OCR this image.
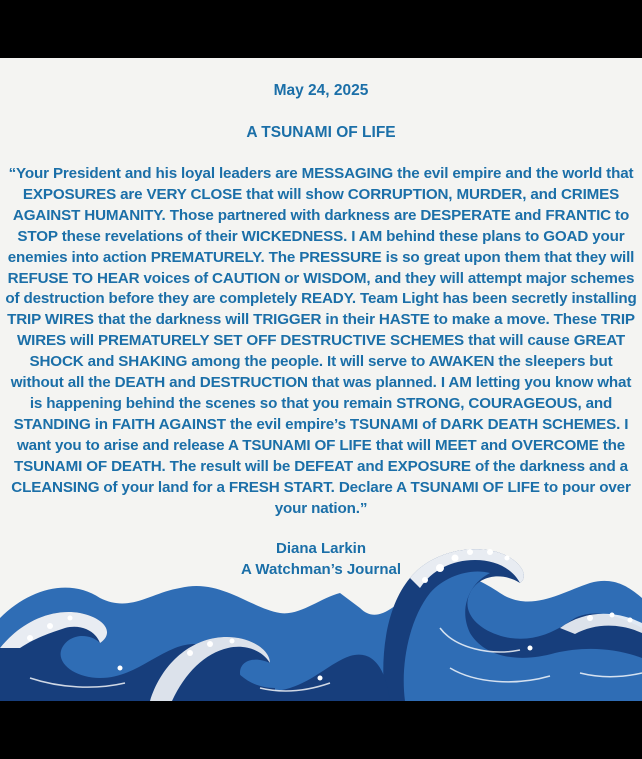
May 24, 2025
A TSUNAMI OF LIFE
“Your President and his loyal leaders are MESSAGING the evil empire and the world that EXPOSURES are VERY CLOSE that will show CORRUPTION, MURDER, and CRIMES AGAINST HUMANITY. Those partnered with darkness are DESPERATE and FRANTIC to STOP these revelations of their WICKEDNESS. I AM behind these plans to GOAD your enemies into action PREMATURELY. The PRESSURE is so great upon them that they will REFUSE TO HEAR voices of CAUTION or WISDOM, and they will attempt major schemes of destruction before they are completely READY. Team Light has been secretly installing TRIP WIRES that the darkness will TRIGGER in their HASTE to make a move. These TRIP WIRES will PREMATURELY SET OFF DESTRUCTIVE SCHEMES that will cause GREAT SHOCK and SHAKING among the people. It will serve to AWAKEN the sleepers but without all the DEATH and DESTRUCTION that was planned. I AM letting you know what is happening behind the scenes so that you remain STRONG, COURAGEOUS, and STANDING in FAITH AGAINST the evil empire’s TSUNAMI of DARK DEATH SCHEMES. I want you to arise and release A TSUNAMI OF LIFE that will MEET and OVERCOME the TSUNAMI OF DEATH. The result will be DEFEAT and EXPOSURE of the darkness and a CLEANSING of your land for a FRESH START. Declare A TSUNAMI OF LIFE to pour over your nation.”
Diana Larkin
A Watchman’s Journal
